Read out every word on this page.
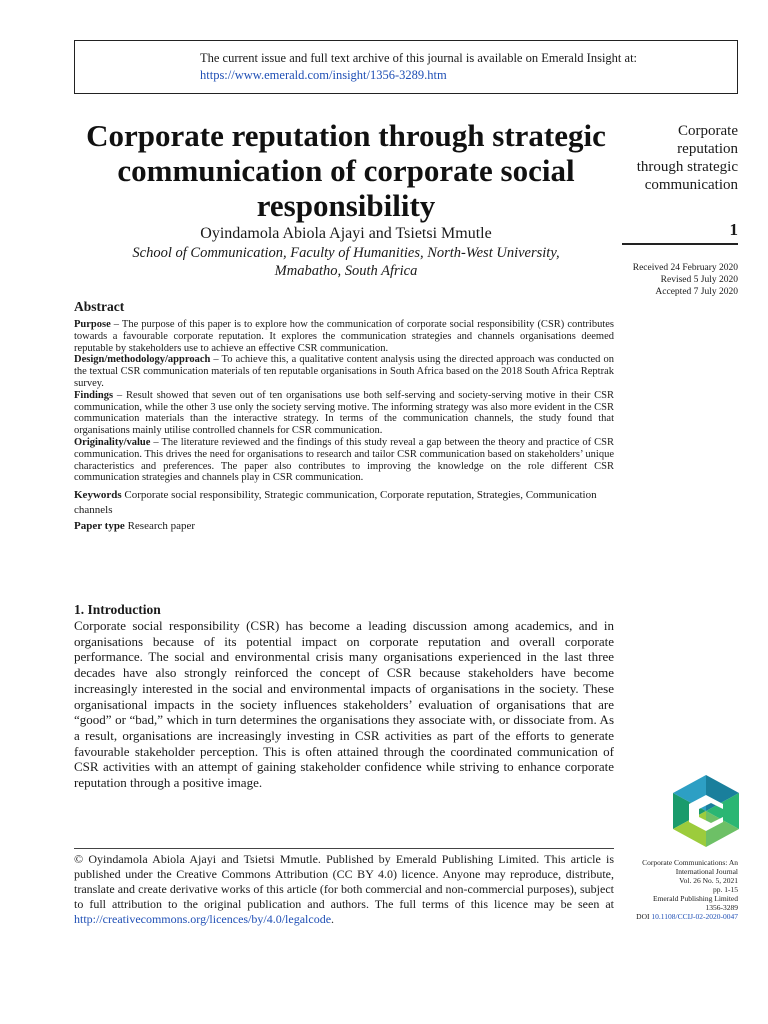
The current issue and full text archive of this journal is available on Emerald Insight at:
https://www.emerald.com/insight/1356-3289.htm
Corporate reputation through strategic communication of corporate social responsibility
Oyindamola Abiola Ajayi and Tsietsi Mmutle
School of Communication, Faculty of Humanities, North-West University,
Mmabatho, South Africa
Corporate
reputation
through strategic
communication
1
Received 24 February 2020
Revised 5 July 2020
Accepted 7 July 2020
Abstract

Purpose – The purpose of this paper is to explore how the communication of corporate social responsibility (CSR) contributes towards a favourable corporate reputation. It explores the communication strategies and channels organisations deemed reputable by stakeholders use to achieve an effective CSR communication.

Design/methodology/approach – To achieve this, a qualitative content analysis using the directed approach was conducted on the textual CSR communication materials of ten reputable organisations in South Africa based on the 2018 South Africa Reptrak survey.

Findings – Result showed that seven out of ten organisations use both self-serving and society-serving motive in their CSR communication, while the other 3 use only the society serving motive. The informing strategy was also more evident in the CSR communication materials than the interactive strategy. In terms of the communication channels, the study found that organisations mainly utilise controlled channels for CSR communication.

Originality/value – The literature reviewed and the findings of this study reveal a gap between the theory and practice of CSR communication. This drives the need for organisations to research and tailor CSR communication based on stakeholders’ unique characteristics and preferences. The paper also contributes to improving the knowledge on the role different CSR communication strategies and channels play in CSR communication.

Keywords Corporate social responsibility, Strategic communication, Corporate reputation, Strategies, Communication channels

Paper type Research paper

1. Introduction

Corporate social responsibility (CSR) has become a leading discussion among academics, and in organisations because of its potential impact on corporate reputation and overall corporate performance. The social and environmental crisis many organisations experienced in the last three decades have also strongly reinforced the concept of CSR because stakeholders have become increasingly interested in the social and environmental impacts of organisations in the society. These organisational impacts in the society influences stakeholders’ evaluation of organisations that are “good” or “bad,” which in turn determines the organisations they associate with, or dissociate from. As a result, organisations are increasingly investing in CSR activities as part of the efforts to generate favourable stakeholder perception. This is often attained through the coordinated communication of CSR activities with an attempt of gaining stakeholder confidence while striving to enhance corporate reputation through a positive image.

© Oyindamola Abiola Ajayi and Tsietsi Mmutle. Published by Emerald Publishing Limited. This article is published under the Creative Commons Attribution (CC BY 4.0) licence. Anyone may reproduce, distribute, translate and create derivative works of this article (for both commercial and non-commercial purposes), subject to full attribution to the original publication and authors. The full terms of this licence may be seen at http://creativecommons.org/licences/by/4.0/legalcode.
Corporate Communications: An
International Journal
Vol. 26 No. 5, 2021
pp. 1-15
Emerald Publishing Limited
1356-3289
DOI 10.1108/CCIJ-02-2020-0047
